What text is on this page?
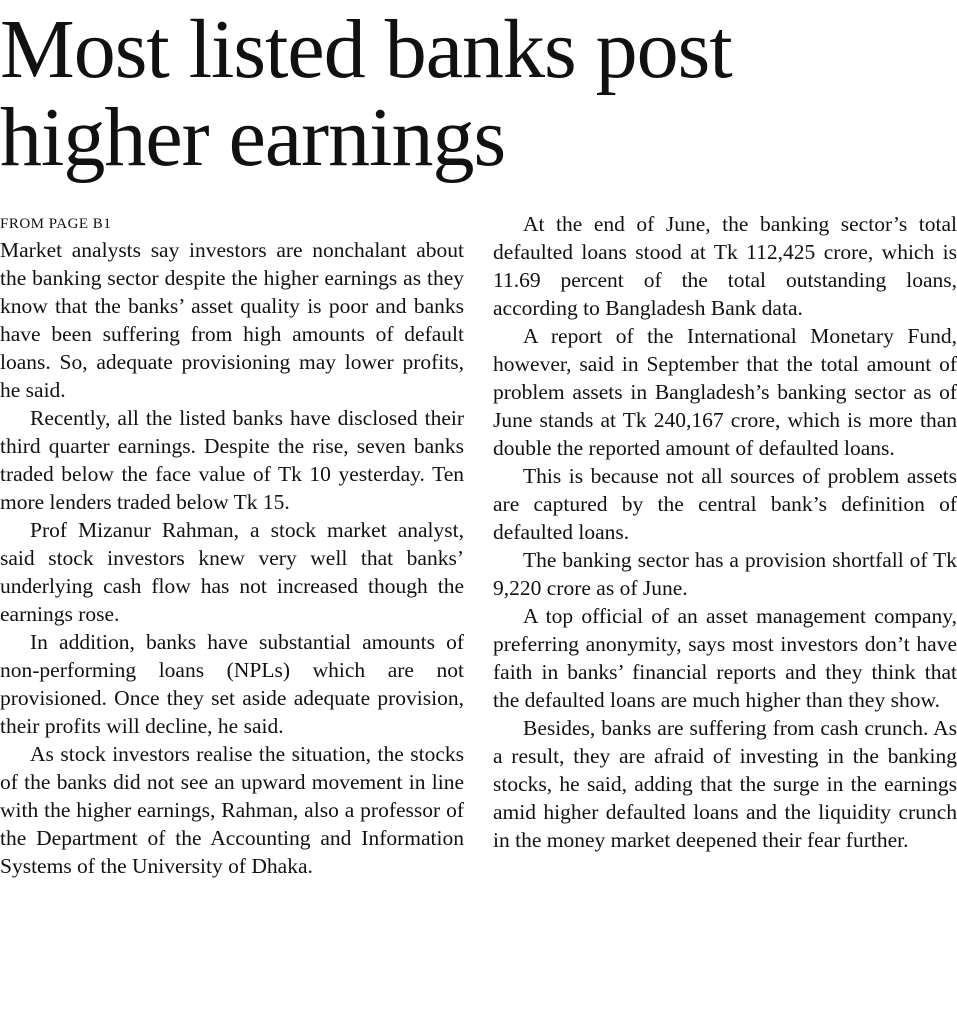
Most listed banks post
higher earnings
FROM PAGE B1

Market analysts say investors are nonchalant about the banking sector despite the higher earnings as they know that the banks’ asset quality is poor and banks have been suffering from high amounts of default loans. So, adequate provisioning may lower profits, he said.

Recently, all the listed banks have disclosed their third quarter earnings. Despite the rise, seven banks traded below the face value of Tk 10 yesterday. Ten more lenders traded below Tk 15.

Prof Mizanur Rahman, a stock market analyst, said stock investors knew very well that banks’ underlying cash flow has not increased though the earnings rose.

In addition, banks have substantial amounts of non-performing loans (NPLs) which are not provisioned. Once they set aside adequate provision, their profits will decline, he said.

As stock investors realise the situation, the stocks of the banks did not see an upward movement in line with the higher earnings, Rahman, also a professor of the Department of the Accounting and Information Systems of the University of Dhaka.

At the end of June, the banking sector’s total defaulted loans stood at Tk 112,425 crore, which is 11.69 percent of the total outstanding loans, according to Bangladesh Bank data.

A report of the International Monetary Fund, however, said in September that the total amount of problem assets in Bangladesh’s banking sector as of June stands at Tk 240,167 crore, which is more than double the reported amount of defaulted loans.

This is because not all sources of problem assets are captured by the central bank’s definition of defaulted loans.

The banking sector has a provision shortfall of Tk 9,220 crore as of June.

A top official of an asset management company, preferring anonymity, says most investors don’t have faith in banks’ financial reports and they think that the defaulted loans are much higher than they show.

Besides, banks are suffering from cash crunch. As a result, they are afraid of investing in the banking stocks, he said, adding that the surge in the earnings amid higher defaulted loans and the liquidity crunch in the money market deepened their fear further.
